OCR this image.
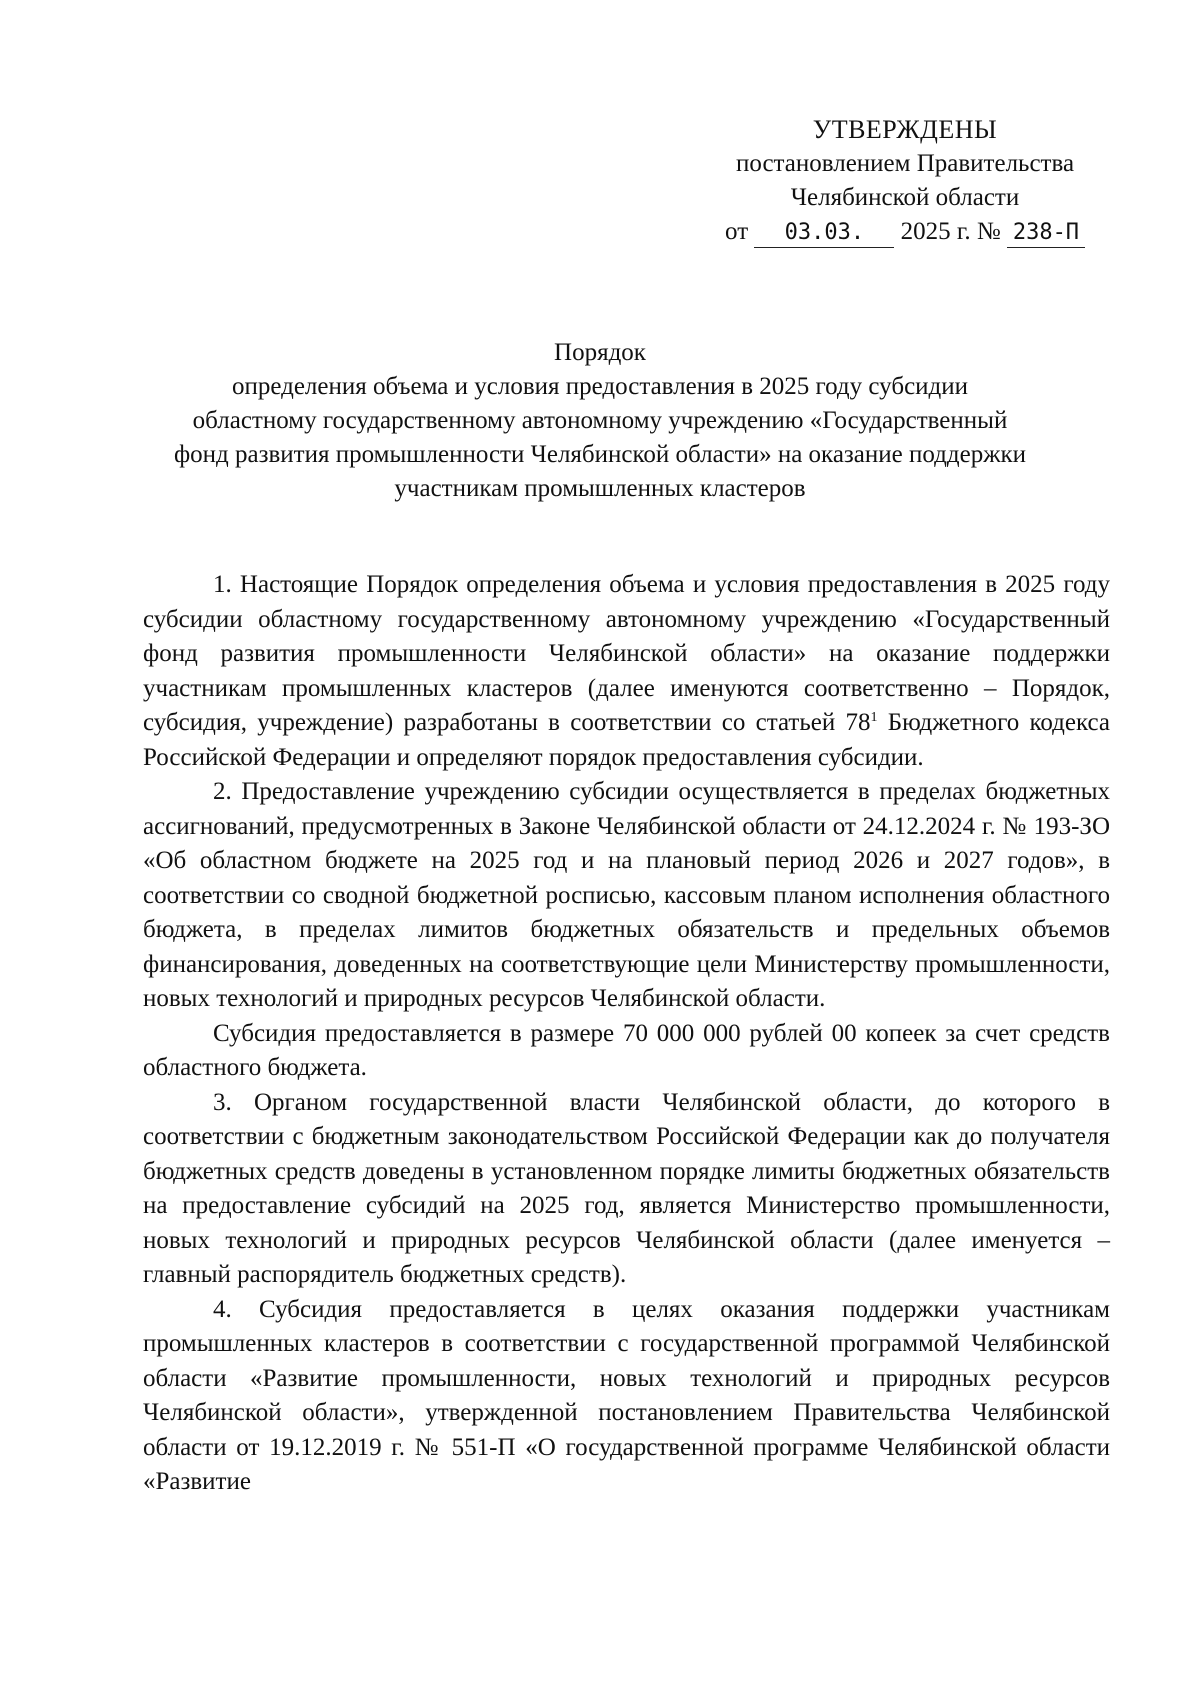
УТВЕРЖДЕНЫ
постановлением Правительства
Челябинской области
от 03.03. 2025 г. № 238-П
Порядок
определения объема и условия предоставления в 2025 году субсидии
областному государственному автономному учреждению «Государственный
фонд развития промышленности Челябинской области» на оказание поддержки
участникам промышленных кластеров

1. Настоящие Порядок определения объема и условия предоставления в 2025 году субсидии областному государственному автономному учреждению «Государственный фонд развития промышленности Челябинской области» на оказание поддержки участникам промышленных кластеров (далее именуются соответственно – Порядок, субсидия, учреждение) разработаны в соответствии со статьей $78^1$ Бюджетного кодекса Российской Федерации и определяют порядок предоставления субсидии.

2. Предоставление учреждению субсидии осуществляется в пределах бюджетных ассигнований, предусмотренных в Законе Челябинской области от 24.12.2024 г. № 193-ЗО «Об областном бюджете на 2025 год и на плановый период 2026 и 2027 годов», в соответствии со сводной бюджетной росписью, кассовым планом исполнения областного бюджета, в пределах лимитов бюджетных обязательств и предельных объемов финансирования, доведенных на соответствующие цели Министерству промышленности, новых технологий и природных ресурсов Челябинской области.

Субсидия предоставляется в размере 70 000 000 рублей 00 копеек за счет средств областного бюджета.

3. Органом государственной власти Челябинской области, до которого в соответствии с бюджетным законодательством Российской Федерации как до получателя бюджетных средств доведены в установленном порядке лимиты бюджетных обязательств на предоставление субсидий на 2025 год, является Министерство промышленности, новых технологий и природных ресурсов Челябинской области (далее именуется – главный распорядитель бюджетных средств).

4. Субсидия предоставляется в целях оказания поддержки участникам промышленных кластеров в соответствии с государственной программой Челябинской области «Развитие промышленности, новых технологий и природных ресурсов Челябинской области», утвержденной постановлением Правительства Челябинской области от 19.12.2019 г. № 551-П «О государственной программе Челябинской области «Развитие
